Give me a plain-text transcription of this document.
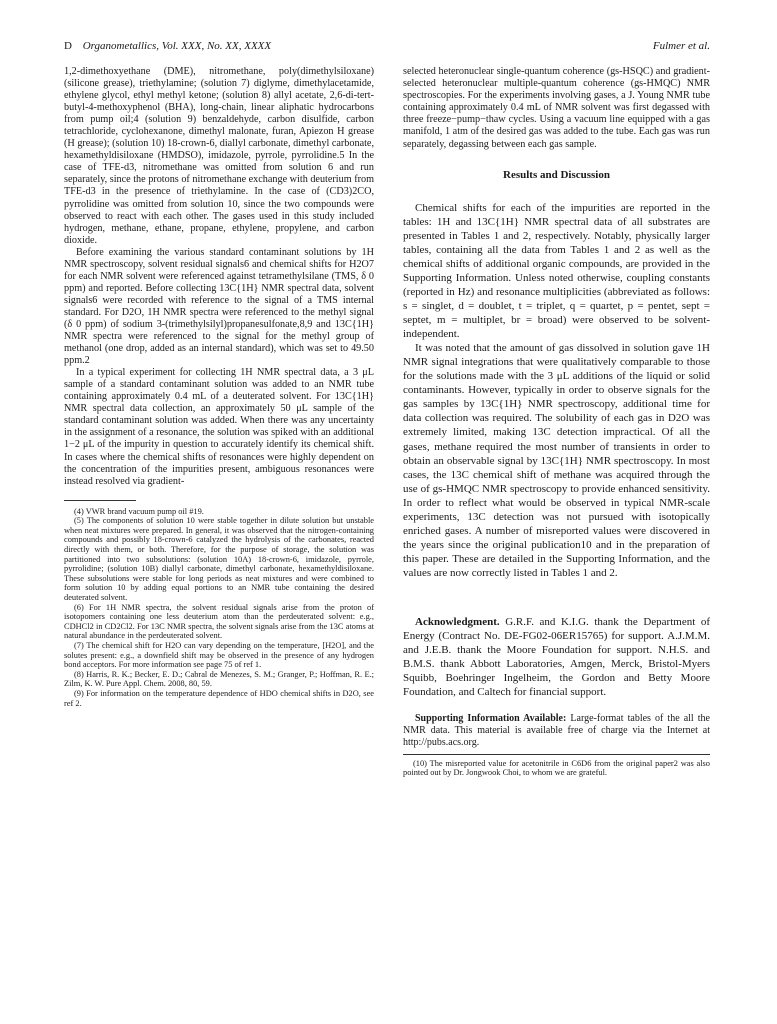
D Organometallics, Vol. XXX, No. XX, XXXX	Fulmer et al.

1,2-dimethoxyethane (DME), nitromethane, poly(dimethylsiloxane) (silicone grease), triethylamine; (solution 7) diglyme, dimethylacetamide, ethylene glycol, ethyl methyl ketone; (solution 8) allyl acetate, 2,6-di-tert-butyl-4-methoxyphenol (BHA), long-chain, linear aliphatic hydrocarbons from pump oil;4 (solution 9) benzaldehyde, carbon disulfide, carbon tetrachloride, cyclohexanone, dimethyl malonate, furan, Apiezon H grease (H grease); (solution 10) 18-crown-6, diallyl carbonate, dimethyl carbonate, hexamethyldisiloxane (HMDSO), imidazole, pyrrole, pyrrolidine.5 In the case of TFE-d3, nitromethane was omitted from solution 6 and run separately, since the protons of nitromethane exchange with deuterium from TFE-d3 in the presence of triethylamine. In the case of (CD3)2CO, pyrrolidine was omitted from solution 10, since the two compounds were observed to react with each other. The gases used in this study included hydrogen, methane, ethane, propane, ethylene, propylene, and carbon dioxide.

Before examining the various standard contaminant solutions by 1H NMR spectroscopy, solvent residual signals6 and chemical shifts for H2O7 for each NMR solvent were referenced against tetramethylsilane (TMS, δ 0 ppm) and reported. Before collecting 13C{1H} NMR spectral data, solvent signals6 were recorded with reference to the signal of a TMS internal standard. For D2O, 1H NMR spectra were referenced to the methyl signal (δ 0 ppm) of sodium 3-(trimethylsilyl)propanesulfonate,8,9 and 13C{1H} NMR spectra were referenced to the signal for the methyl group of methanol (one drop, added as an internal standard), which was set to 49.50 ppm.2

In a typical experiment for collecting 1H NMR spectral data, a 3 μL sample of a standard contaminant solution was added to an NMR tube containing approximately 0.4 mL of a deuterated solvent. For 13C{1H} NMR spectral data collection, an approximately 50 μL sample of the standard contaminant solution was added. When there was any uncertainty in the assignment of a resonance, the solution was spiked with an additional 1−2 μL of the impurity in question to accurately identify its chemical shift. In cases where the chemical shifts of resonances were highly dependent on the concentration of the impurities present, ambiguous resonances were instead resolved via gradient-

(4) VWR brand vacuum pump oil #19.

(5) The components of solution 10 were stable together in dilute solution but unstable when neat mixtures were prepared. In general, it was observed that the nitrogen-containing compounds and possibly 18-crown-6 catalyzed the hydrolysis of the carbonates, reacted directly with them, or both. Therefore, for the purpose of storage, the solution was partitioned into two subsolutions: (solution 10A) 18-crown-6, imidazole, pyrrole, pyrrolidine; (solution 10B) diallyl carbonate, dimethyl carbonate, hexamethyldisiloxane. These subsolutions were stable for long periods as neat mixtures and were combined to form solution 10 by adding equal portions to an NMR tube containing the desired deuterated solvent.

(6) For 1H NMR spectra, the solvent residual signals arise from the proton of isotopomers containing one less deuterium atom than the perdeuterated solvent: e.g., CDHCl2 in CD2Cl2. For 13C NMR spectra, the solvent signals arise from the 13C atoms at natural abundance in the perdeuterated solvent.

(7) The chemical shift for H2O can vary depending on the temperature, [H2O], and the solutes present: e.g., a downfield shift may be observed in the presence of any hydrogen bond acceptors. For more information see page 75 of ref 1.

(8) Harris, R. K.; Becker, E. D.; Cabral de Menezes, S. M.; Granger, P.; Hoffman, R. E.; Zilm, K. W. Pure Appl. Chem. 2008, 80, 59.

(9) For information on the temperature dependence of HDO chemical shifts in D2O, see ref 2.

selected heteronuclear single-quantum coherence (gs-HSQC) and gradient-selected heteronuclear multiple-quantum coherence (gs-HMQC) NMR spectroscopies. For the experiments involving gases, a J. Young NMR tube containing approximately 0.4 mL of NMR solvent was first degassed with three freeze−pump−thaw cycles. Using a vacuum line equipped with a gas manifold, 1 atm of the desired gas was added to the tube. Each gas was run separately, degassing between each gas sample.

Results and Discussion

Chemical shifts for each of the impurities are reported in the tables: 1H and 13C{1H} NMR spectral data of all substrates are presented in Tables 1 and 2, respectively. Notably, physically larger tables, containing all the data from Tables 1 and 2 as well as the chemical shifts of additional organic compounds, are provided in the Supporting Information. Unless noted otherwise, coupling constants (reported in Hz) and resonance multiplicities (abbreviated as follows: s = singlet, d = doublet, t = triplet, q = quartet, p = pentet, sept = septet, m = multiplet, br = broad) were observed to be solvent-independent.

It was noted that the amount of gas dissolved in solution gave 1H NMR signal integrations that were qualitatively comparable to those for the solutions made with the 3 μL additions of the liquid or solid contaminants. However, typically in order to observe signals for the gas samples by 13C{1H} NMR spectroscopy, additional time for data collection was required. The solubility of each gas in D2O was extremely limited, making 13C detection impractical. Of all the gases, methane required the most number of transients in order to obtain an observable signal by 13C{1H} NMR spectroscopy. In most cases, the 13C chemical shift of methane was acquired through the use of gs-HMQC NMR spectroscopy to provide enhanced sensitivity. In order to reflect what would be observed in typical NMR-scale experiments, 13C detection was not pursued with isotopically enriched gases. A number of misreported values were discovered in the years since the original publication10 and in the preparation of this paper. These are detailed in the Supporting Information, and the values are now correctly listed in Tables 1 and 2.

Acknowledgment. G.R.F. and K.I.G. thank the Department of Energy (Contract No. DE-FG02-06ER15765) for support. A.J.M.M. and J.E.B. thank the Moore Foundation for support. N.H.S. and B.M.S. thank Abbott Laboratories, Amgen, Merck, Bristol-Myers Squibb, Boehringer Ingelheim, the Gordon and Betty Moore Foundation, and Caltech for financial support.

Supporting Information Available: Large-format tables of the all the NMR data. This material is available free of charge via the Internet at http://pubs.acs.org.

(10) The misreported value for acetonitrile in C6D6 from the original paper2 was also pointed out by Dr. Jongwook Choi, to whom we are grateful.
